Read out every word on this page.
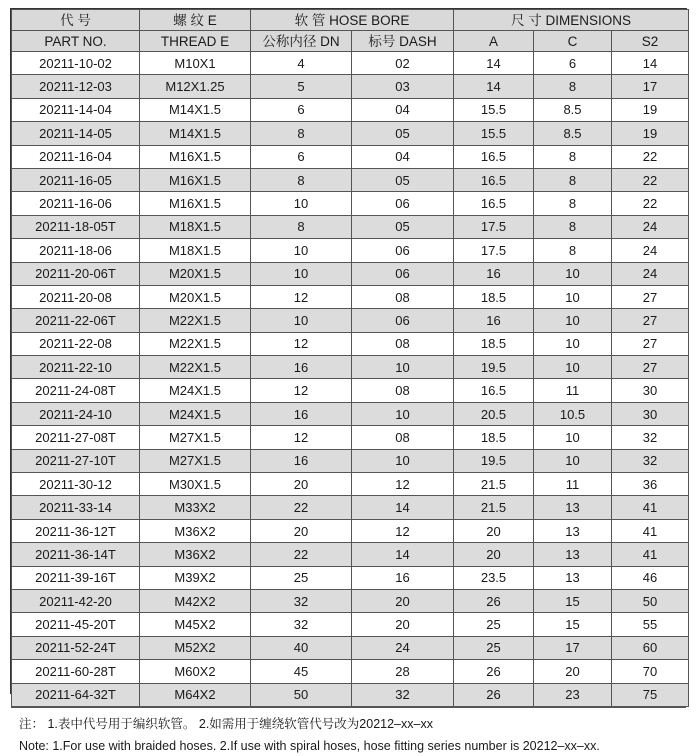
代 号	螺 纹 E	软 管 HOSE BORE		尺 寸 DIMENSIONS		
PART NO.	THREAD E	公称内径 DN	标号 DASH	A	C	S2
20211-10-02	M10X1	4	02	14	6	14
20211-12-03	M12X1.25	5	03	14	8	17
20211-14-04	M14X1.5	6	04	15.5	8.5	19
20211-14-05	M14X1.5	8	05	15.5	8.5	19
20211-16-04	M16X1.5	6	04	16.5	8	22
20211-16-05	M16X1.5	8	05	16.5	8	22
20211-16-06	M16X1.5	10	06	16.5	8	22
20211-18-05T	M18X1.5	8	05	17.5	8	24
20211-18-06	M18X1.5	10	06	17.5	8	24
20211-20-06T	M20X1.5	10	06	16	10	24
20211-20-08	M20X1.5	12	08	18.5	10	27
20211-22-06T	M22X1.5	10	06	16	10	27
20211-22-08	M22X1.5	12	08	18.5	10	27
20211-22-10	M22X1.5	16	10	19.5	10	27
20211-24-08T	M24X1.5	12	08	16.5	11	30
20211-24-10	M24X1.5	16	10	20.5	10.5	30
20211-27-08T	M27X1.5	12	08	18.5	10	32
20211-27-10T	M27X1.5	16	10	19.5	10	32
20211-30-12	M30X1.5	20	12	21.5	11	36
20211-33-14	M33X2	22	14	21.5	13	41
20211-36-12T	M36X2	20	12	20	13	41
20211-36-14T	M36X2	22	14	20	13	41
20211-39-16T	M39X2	25	16	23.5	13	46
20211-42-20	M42X2	32	20	26	15	50
20211-45-20T	M45X2	32	20	25	15	55
20211-52-24T	M52X2	40	24	25	17	60
20211-60-28T	M60X2	45	28	26	20	70
20211-64-32T	M64X2	50	32	26	23	75
注： 1.表中代号用于编织软管。 2.如需用于缠绕软管代号改为20212–xx–xx
Note: 1.For use with braided hoses. 2.If use with spiral hoses, hose fitting series number is 20212–xx–xx.
